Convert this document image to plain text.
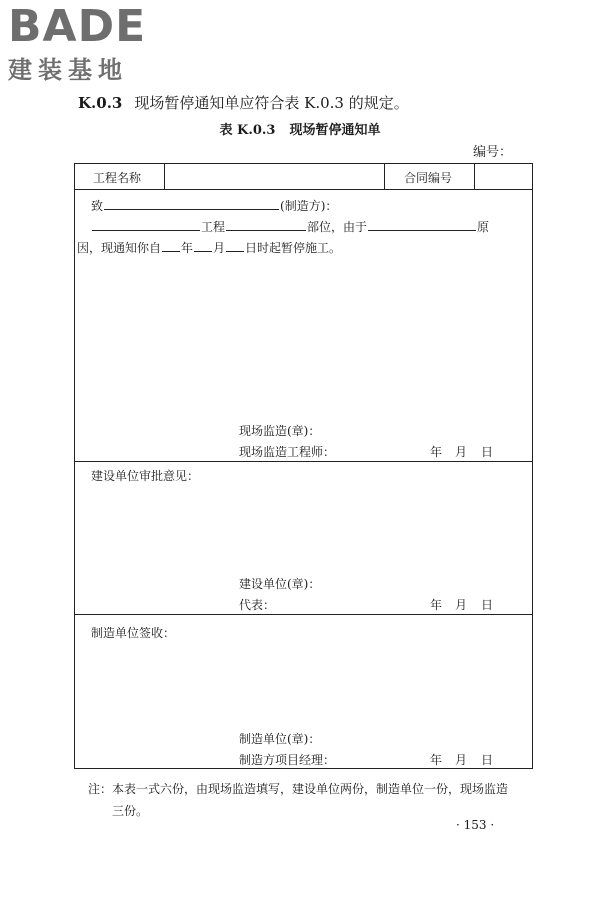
BADE
建装基地
K.0.3 现场暂停通知单应符合表 K.0.3 的规定。
表 K.0.3 现场暂停通知单
编号：
工程名称	合同编号
致	(制造方)：
工程	部位，由于	原
因，现通知你自 年 月 日时起暂停施工。
现场监造(章)：
现场监造工程师：	年 月 日
建设单位审批意见：
建设单位(章)：
代表：	年 月 日
制造单位签收：
制造单位(章)：
制造方项目经理：	年 月 日
注：本表一式六份，由现场监造填写，建设单位两份，制造单位一份，现场监造
三份。
· 153 ·
